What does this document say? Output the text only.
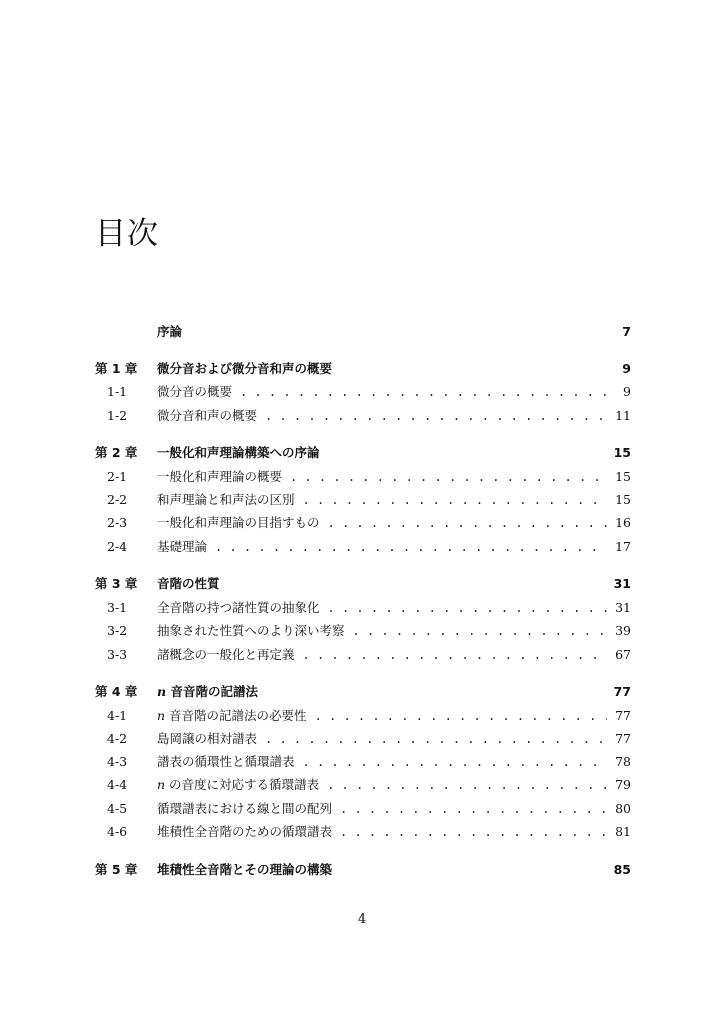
目次
序論	7
第 1 章	微分音および微分音和声の概要	9
1-1	微分音の概要 . . .	9
1-2	微分音和声の概要 . . .	11
第 2 章	一般化和声理論構築への序論	15
2-1	一般化和声理論の概要 . . .	15
2-2	和声理論と和声法の区別 . . .	15
2-3	一般化和声理論の目指すもの . . .	16
2-4	基礎理論 . . .	17
第 3 章	音階の性質	31
3-1	全音階の持つ諸性質の抽象化 . . .	31
3-2	抽象された性質へのより深い考察 . . .	39
3-3	諸概念の一般化と再定義 . . .	67
第 4 章	n 音音階の記譜法	77
4-1	n 音音階の記譜法の必要性 . . .	77
4-2	島岡譲の相対譜表 . . .	77
4-3	譜表の循環性と循環譜表 . . .	78
4-4	n の音度に対応する循環譜表 . . .	79
4-5	循環譜表における線と間の配列 . . .	80
4-6	堆積性全音階のための循環譜表 . . .	81
第 5 章	堆積性全音階とその理論の構築	85
4
